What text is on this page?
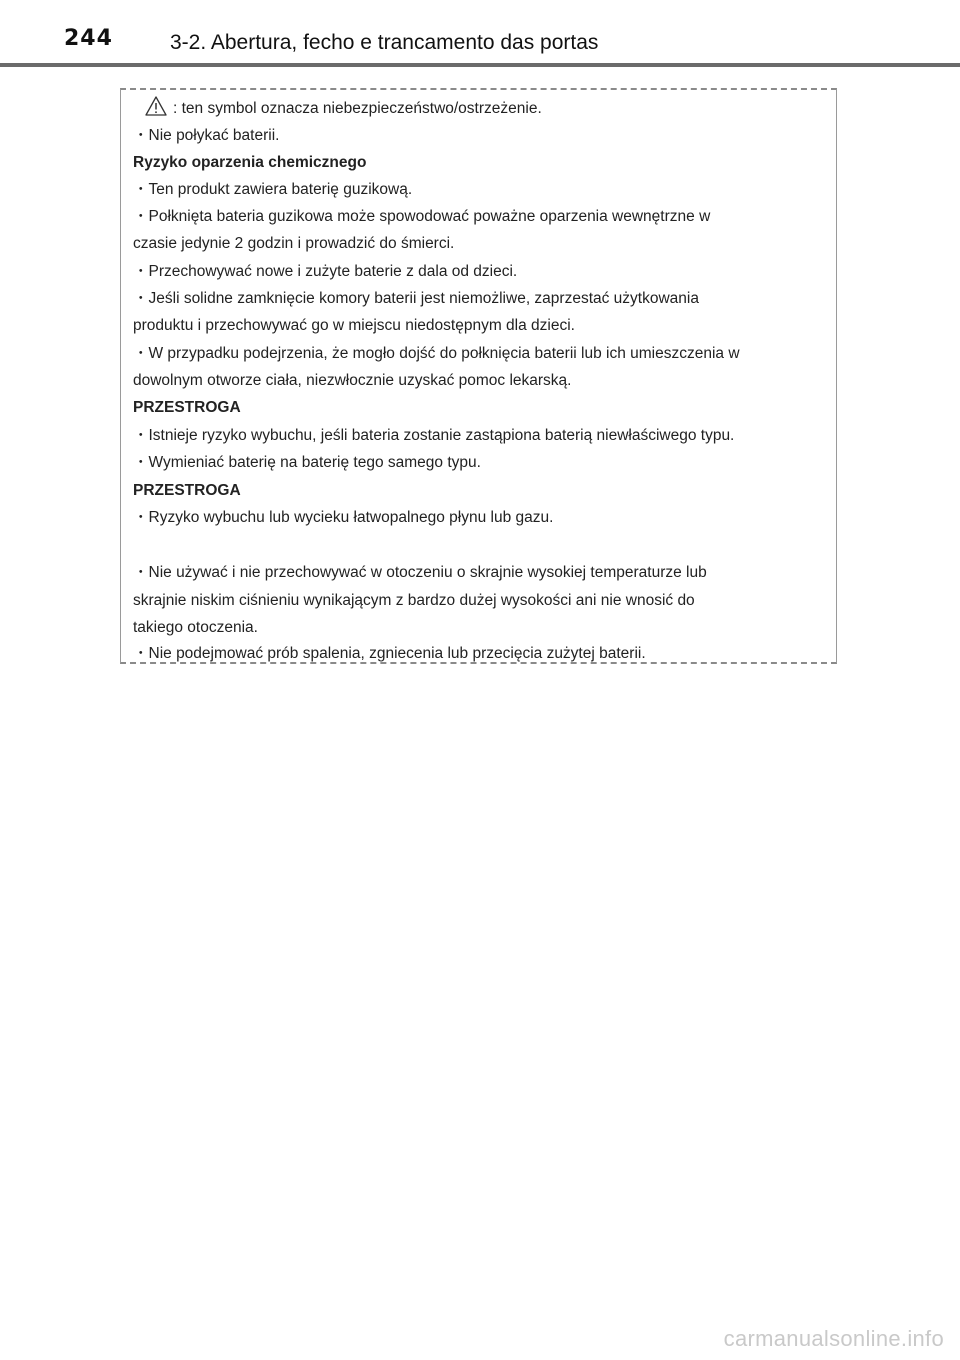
244	3-2. Abertura, fecho e trancamento das portas
: ten symbol oznacza niebezpieczeństwo/ostrzeżenie.
・Nie połykać baterii.
Ryzyko oparzenia chemicznego
・Ten produkt zawiera baterię guzikową.
・Połknięta bateria guzikowa może spowodować poważne oparzenia wewnętrzne w
czasie jedynie 2 godzin i prowadzić do śmierci.
・Przechowywać nowe i zużyte baterie z dala od dzieci.
・Jeśli solidne zamknięcie komory baterii jest niemożliwe, zaprzestać użytkowania
produktu i przechowywać go w miejscu niedostępnym dla dzieci.
・W przypadku podejrzenia, że mogło dojść do połknięcia baterii lub ich umieszczenia w
dowolnym otworze ciała, niezwłocznie uzyskać pomoc lekarską.
PRZESTROGA
・Istnieje ryzyko wybuchu, jeśli bateria zostanie zastąpiona baterią niewłaściwego typu.
・Wymieniać baterię na baterię tego samego typu.
PRZESTROGA
・Ryzyko wybuchu lub wycieku łatwopalnego płynu lub gazu.
・Nie używać i nie przechowywać w otoczeniu o skrajnie wysokiej temperaturze lub
skrajnie niskim ciśnieniu wynikającym z bardzo dużej wysokości ani nie wnosić do
takiego otoczenia.
・Nie podejmować prób spalenia, zgniecenia lub przecięcia zużytej baterii.
carmanualsonline.info
